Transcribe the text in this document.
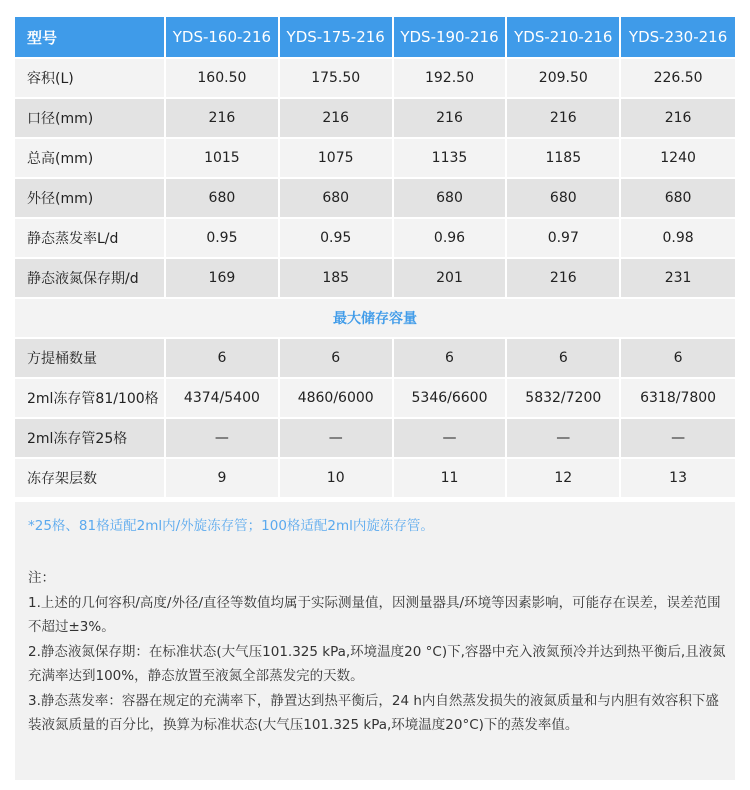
型号	YDS-160-216	YDS-175-216	YDS-190-216	YDS-210-216	YDS-230-216
容积(L)	160.50	175.50	192.50	209.50	226.50
口径(mm)	216	216	216	216	216
总高(mm)	1015	1075	1135	1185	1240
外径(mm)	680	680	680	680	680
静态蒸发率L/d	0.95	0.95	0.96	0.97	0.98
静态液氮保存期/d	169	185	201	216	231
最大储存容量					
方提桶数量	6	6	6	6	6
2ml冻存管81/100格	4374/5400	4860/6000	5346/6600	5832/7200	6318/7800
2ml冻存管25格	—	—	—	—	—
冻存架层数	9	10	11	12	13
*25格、81格适配2ml内/外旋冻存管；100格适配2ml内旋冻存管。

注：

1.上述的几何容积/高度/外径/直径等数值均属于实际测量值，因测量器具/环境等因素影响，可能存在误差，误差范围不超过±3%。

2.静态液氮保存期：在标准状态(大气压101.325 kPa,环境温度20 °C)下,容器中充入液氮预冷并达到热平衡后,且液氮充满率达到100%，静态放置至液氮全部蒸发完的天数。

3.静态蒸发率：容器在规定的充满率下，静置达到热平衡后，24 h内自然蒸发损失的液氮质量和与内胆有效容积下盛装液氮质量的百分比，换算为标准状态(大气压101.325 kPa,环境温度20°C)下的蒸发率值。
